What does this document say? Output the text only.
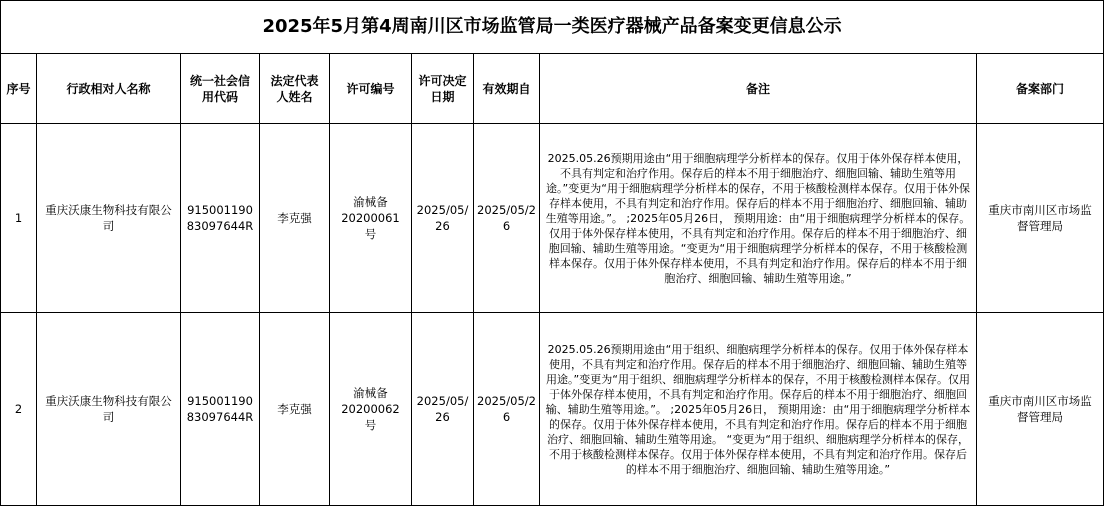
2025年5月第4周南川区市场监管局一类医疗器械产品备案变更信息公示								
序号	行政相对人名称	统一社会信用代码	法定代表人姓名	许可编号	许可决定日期	有效期自	备注	备案部门
1	重庆沃康生物科技有限公司	91500119083097644R	李克强	渝械备20200061号	2025/05/26	2025/05/26	2025.05.26预期用途由“用于细胞病理学分析样本的保存。仅用于体外保存样本使用，不具有判定和治疗作用。保存后的样本不用于细胞治疗、细胞回输、辅助生殖等用途。”变更为“用于细胞病理学分析样本的保存，不用于核酸检测样本保存。仅用于体外保存样本使用，不具有判定和治疗作用。保存后的样本不用于细胞治疗、细胞回输、辅助生殖等用途。”。 ;2025年05月26日， 预期用途：由“用于细胞病理学分析样本的保存。仅用于体外保存样本使用，不具有判定和治疗作用。保存后的样本不用于细胞治疗、细胞回输、辅助生殖等用途。“变更为“用于细胞病理学分析样本的保存，不用于核酸检测样本保存。仅用于体外保存样本使用，不具有判定和治疗作用。保存后的样本不用于细胞治疗、细胞回输、辅助生殖等用途。”	重庆市南川区市场监督管理局
2	重庆沃康生物科技有限公司	91500119083097644R	李克强	渝械备20200062号	2025/05/26	2025/05/26	2025.05.26预期用途由“用于组织、细胞病理学分析样本的保存。仅用于体外保存样本使用，不具有判定和治疗作用。保存后的样本不用于细胞治疗、细胞回输、辅助生殖等用途。”变更为“用于组织、细胞病理学分析样本的保存，不用于核酸检测样本保存。仅用于体外保存样本使用，不具有判定和治疗作用。保存后的样本不用于细胞治疗、细胞回输、辅助生殖等用途。”。 ;2025年05月26日， 预期用途：由“用于细胞病理学分析样本的保存。仅用于体外保存样本使用，不具有判定和治疗作用。保存后的样本不用于细胞治疗、细胞回输、辅助生殖等用途。 “变更为“用于组织、细胞病理学分析样本的保存，不用于核酸检测样本保存。仅用于体外保存样本使用，不具有判定和治疗作用。保存后的样本不用于细胞治疗、细胞回输、辅助生殖等用途。”	重庆市南川区市场监督管理局
